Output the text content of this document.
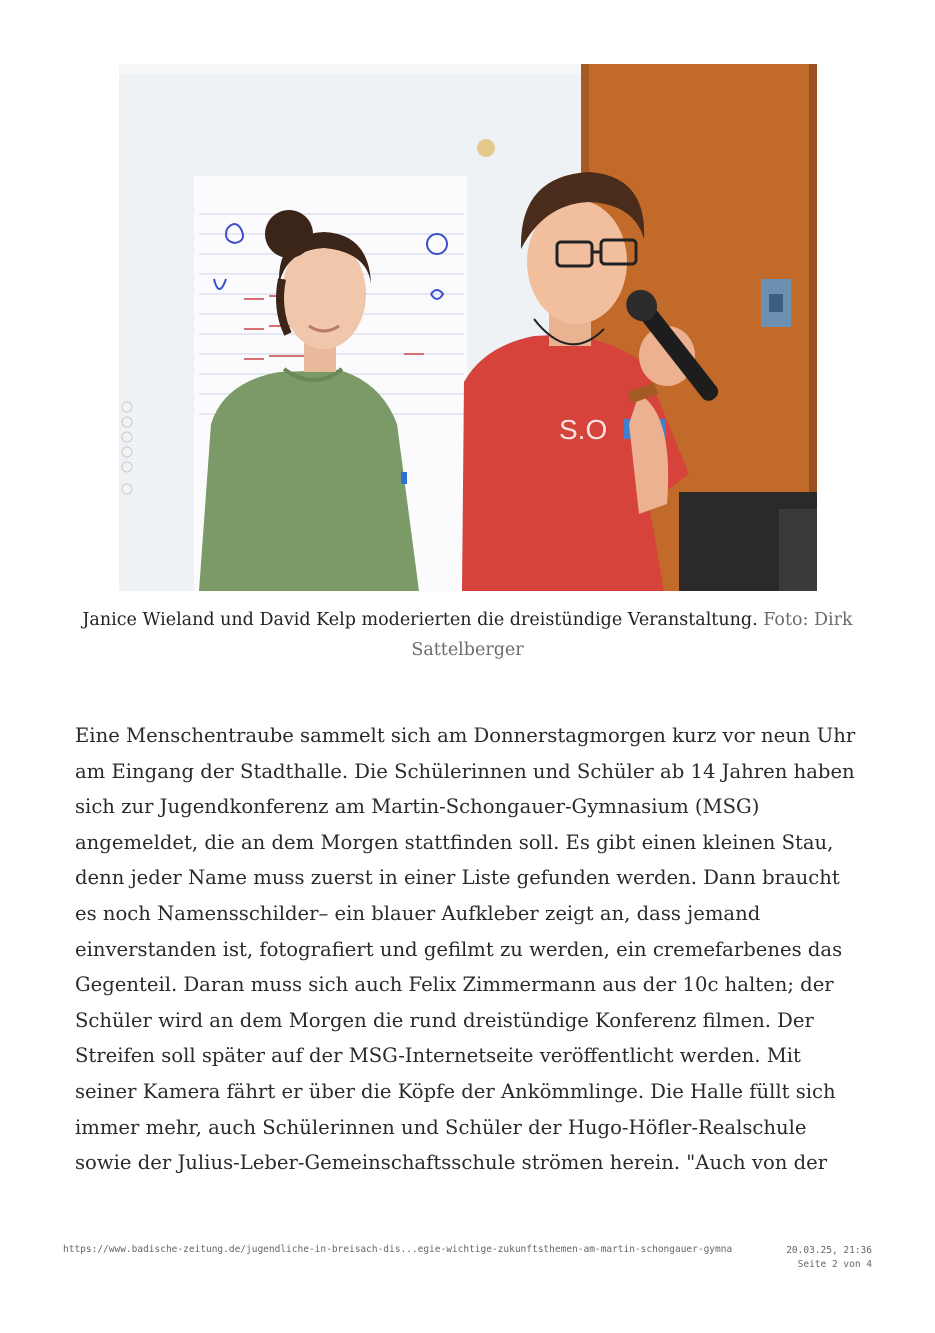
S.O
Janice Wieland und David Kelp moderierten die dreistündige Veranstaltung. Foto: Dirk Sattelberger
Eine Menschentraube sammelt sich am Donnerstagmorgen kurz vor neun Uhr
am Eingang der Stadthalle. Die Schülerinnen und Schüler ab 14 Jahren haben
sich zur Jugendkonferenz am Martin-Schongauer-Gymnasium (MSG)
angemeldet, die an dem Morgen stattfinden soll. Es gibt einen kleinen Stau,
denn jeder Name muss zuerst in einer Liste gefunden werden. Dann braucht
es noch Namensschilder– ein blauer Aufkleber zeigt an, dass jemand
einverstanden ist, fotografiert und gefilmt zu werden, ein cremefarbenes das
Gegenteil. Daran muss sich auch Felix Zimmermann aus der 10c halten; der
Schüler wird an dem Morgen die rund dreistündige Konferenz filmen. Der
Streifen soll später auf der MSG-Internetseite veröffentlicht werden. Mit
seiner Kamera fährt er über die Köpfe der Ankömmlinge. Die Halle füllt sich
immer mehr, auch Schülerinnen und Schüler der Hugo-Höfler-Realschule
sowie der Julius-Leber-Gemeinschaftsschule strömen herein. "Auch von der
https://www.badische-zeitung.de/jugendliche-in-breisach-dis...egie-wichtige-zukunftsthemen-am-martin-schongauer-gymna	20.03.25, 21:36
Seite 2 von 4
